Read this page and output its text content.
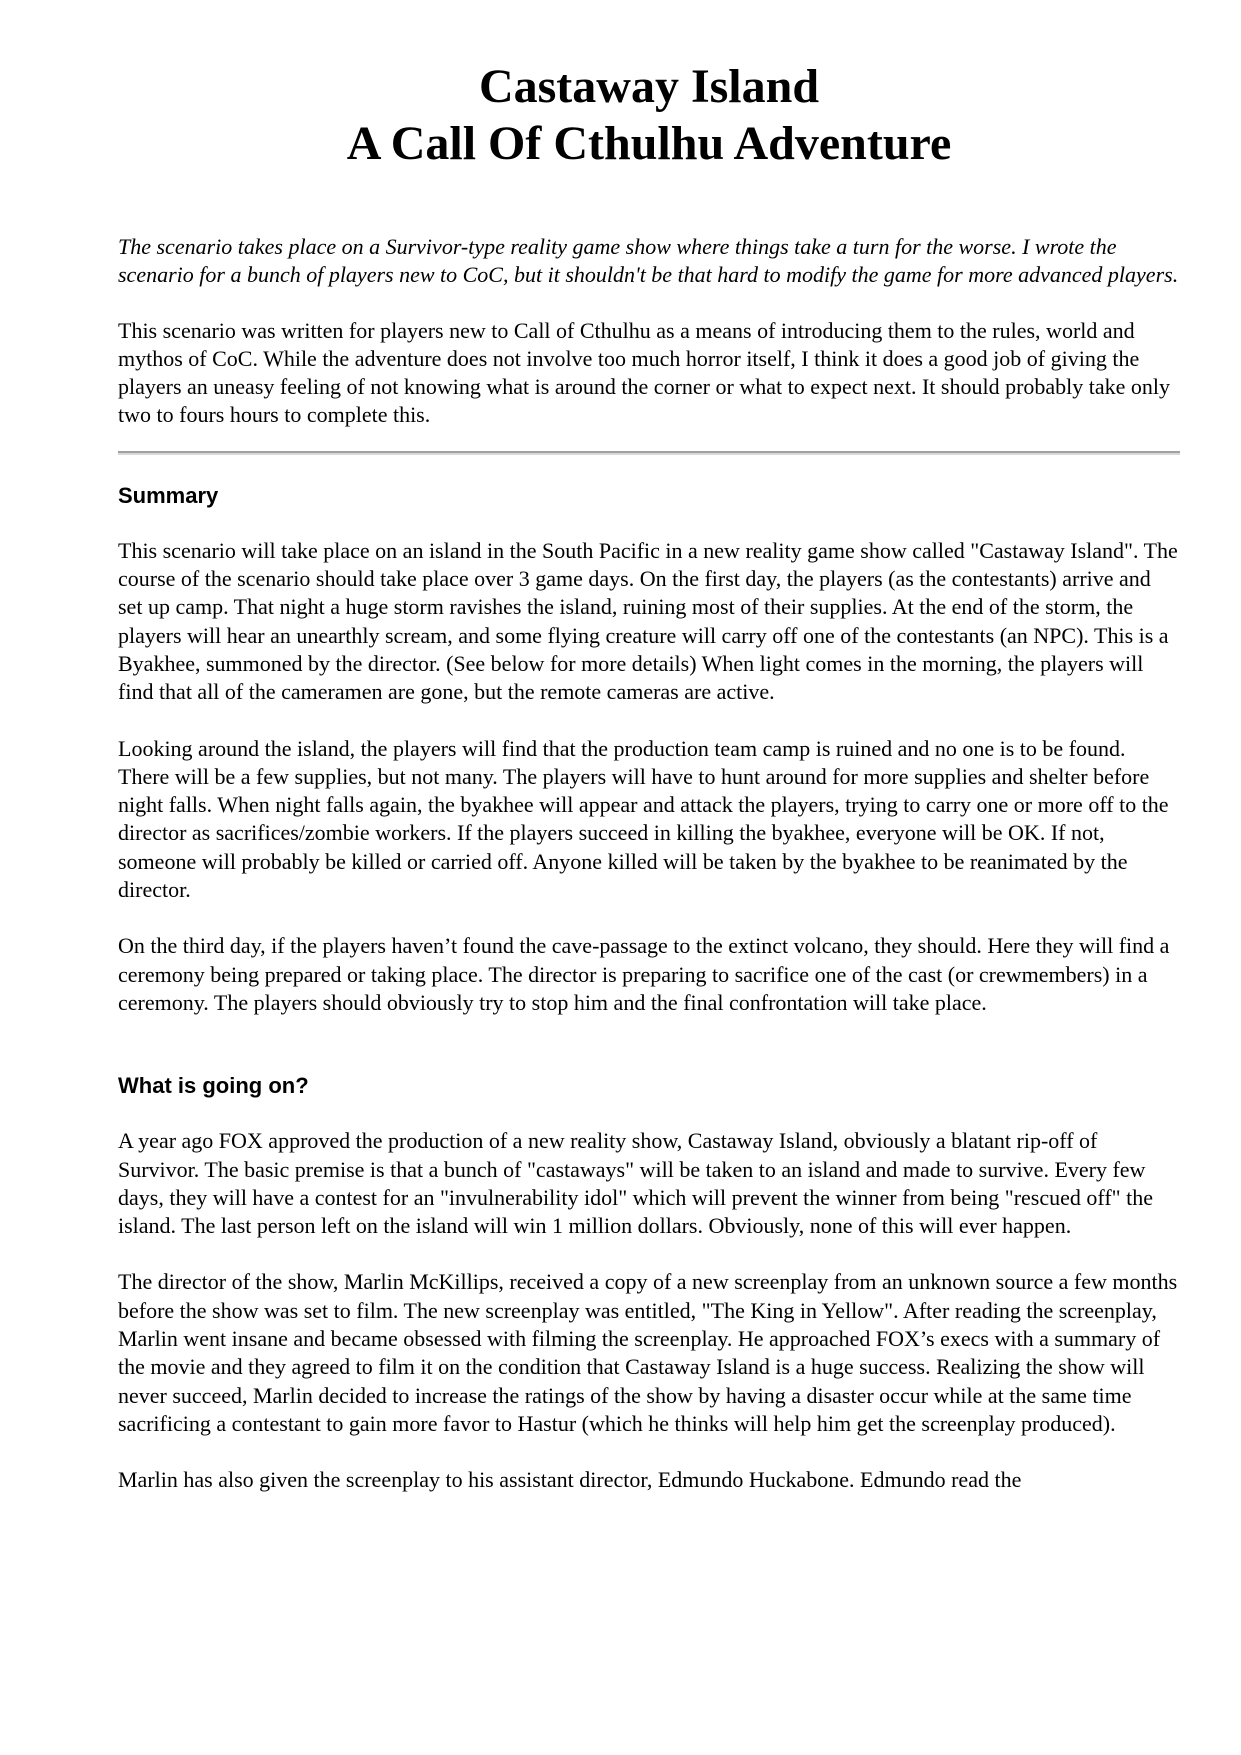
Castaway Island
A Call Of Cthulhu Adventure

The scenario takes place on a Survivor-type reality game show where things take a turn for the worse. I wrote the scenario for a bunch of players new to CoC, but it shouldn't be that hard to modify the game for more advanced players.

This scenario was written for players new to Call of Cthulhu as a means of introducing them to the rules, world and mythos of CoC. While the adventure does not involve too much horror itself, I think it does a good job of giving the players an uneasy feeling of not knowing what is around the corner or what to expect next. It should probably take only two to fours hours to complete this.

Summary

This scenario will take place on an island in the South Pacific in a new reality game show called "Castaway Island". The course of the scenario should take place over 3 game days. On the first day, the players (as the contestants) arrive and set up camp. That night a huge storm ravishes the island, ruining most of their supplies. At the end of the storm, the players will hear an unearthly scream, and some flying creature will carry off one of the contestants (an NPC). This is a Byakhee, summoned by the director. (See below for more details) When light comes in the morning, the players will find that all of the cameramen are gone, but the remote cameras are active.

Looking around the island, the players will find that the production team camp is ruined and no one is to be found. There will be a few supplies, but not many. The players will have to hunt around for more supplies and shelter before night falls. When night falls again, the byakhee will appear and attack the players, trying to carry one or more off to the director as sacrifices/zombie workers. If the players succeed in killing the byakhee, everyone will be OK. If not, someone will probably be killed or carried off. Anyone killed will be taken by the byakhee to be reanimated by the director.

On the third day, if the players haven’t found the cave-passage to the extinct volcano, they should. Here they will find a ceremony being prepared or taking place. The director is preparing to sacrifice one of the cast (or crewmembers) in a ceremony. The players should obviously try to stop him and the final confrontation will take place.

What is going on?

A year ago FOX approved the production of a new reality show, Castaway Island, obviously a blatant rip-off of Survivor. The basic premise is that a bunch of "castaways" will be taken to an island and made to survive. Every few days, they will have a contest for an "invulnerability idol" which will prevent the winner from being "rescued off" the island. The last person left on the island will win 1 million dollars. Obviously, none of this will ever happen.

The director of the show, Marlin McKillips, received a copy of a new screenplay from an unknown source a few months before the show was set to film. The new screenplay was entitled, "The King in Yellow". After reading the screenplay, Marlin went insane and became obsessed with filming the screenplay. He approached FOX’s execs with a summary of the movie and they agreed to film it on the condition that Castaway Island is a huge success. Realizing the show will never succeed, Marlin decided to increase the ratings of the show by having a disaster occur while at the same time sacrificing a contestant to gain more favor to Hastur (which he thinks will help him get the screenplay produced).

Marlin has also given the screenplay to his assistant director, Edmundo Huckabone. Edmundo read the
